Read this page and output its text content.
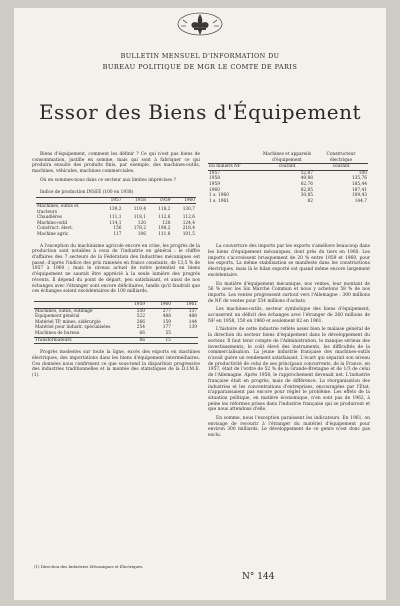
BULLETIN MENSUEL D'INFORMATION DU
BUREAU POLITIQUE DE MGR LE COMTE DE PARIS
Essor des Biens d'Équipement

Biens d'équipement, comment les définir ? Ce qui n'est pas biens de consommation, justifie en somme, mais qui sont à fabriquer ce qui produira ensuite des produits finis, par exemple, des machines-outils, machines, véhicules, machines commerciales.

Où en sommes-nous dans ce secteur aux limites imprécises ?

Indice de production INSEE (100 en 1938)
	1957	1958	1959	1960
Machines, outils et tracteurs	139,2	119,4	118,2	130,7
Chaudières	111,1	118,1	112,6	112,6
Machine-outil	114,1	120	128	124,4
Construct. élect.	156	178,2	198,2	218,4
Machine agric.	117	106	111,8	101,5

A l'exception du machinisme agricole encore en crise, les progrès de la production sont notables à ceux de l'industrie en général : le chiffre d'affaires des 7 secteurs de la Fédération des Industries mécaniques est passé, d'après l'indice des prix ramenés en francs constants, de 13,5 % de 1957 à 1960 ; mais le niveau actuel de notre potentiel en biens d'équipement ne saurait être apprécié à la seule lumière des progrès récents. Il dépend du point de départ, peu satisfaisant, et aussi de nos échanges avec l'étranger sont encore déficitaires, tandis qu'il faudrait que ces échanges soient excédentaires de 100 milliards.

	1959	1960	1961
Machines, outils, outillage	550	277	137
Équipement général	522	488	488
Matériel TP, mines, sidérurgie	266	159	144
Matériel pour industr. spécialisées	254	177	139
Machines de bureau	66	55	
Transformateurs	66	15	

Progrès modestes sur toute la ligne, excès des exports en machines électriques, des importations dans les biens d'équipement intermédiaires. Ces données nous confirment ce que sous-tend la disparition progressive des industries traditionnelles et la montée des statistiques de la D.I.M.E. (1).

	Machines et appareils d'équipement	Constructeur électrique
En milliers NF	courant	courant
1957	52,87	100
1958	49,88	135,76
1959	62,76	185,44
1960	82,85	187,41
1 s. 1960	30,85	109,43
1 s. 1961	82	144,7

La couverture des imports par les exports s'améliore beaucoup dans les biens d'équipement mécaniques, dont près du tiers en 1960. Les imports s'accroissent brusquement de 20 % entre 1959 et 1960, pour les exports. La même stabilisation se manifeste dans les constructions électriques, mais là le bilan exporté est quand même encore largement excédentaire.

En matière d'équipement mécanique, nos ventes, leur montant de 56 % avec les Six Marché Commun et nous y achetons 58 % de nos imports. Les ventes progressent surtout vers l'Allemagne : 300 millions de NF de ventes pour 554 millions d'achats.

Les machines-outils, secteur symbolique des biens d'équipement, accuseront un déficit des échanges avec l'étranger de 260 millions de NF en 1958, 150 en 1960 et seulement 82 en 1961.

L'histoire de cette industrie reflète assez bien le malaise général de la direction du secteur biens d'équipement dans le développement du secteur. Il faut tenir compte de l'Administration, le manque sérieux des investissements, le coût élevé des instruments, les difficultés de la commercialisation. La jeune industrie française des machines-outils n'avait guère un rendement satisfaisant. L'écart qui séparait son niveau de productivité de celui de ses principaux concurrents, de la France, en 1957, était de l'ordre de 52 % de la Grande-Bretagne et de 1/3 de celui de l'Allemagne. Après 1958, le rapprochement devenait net. L'industrie française était en progrès, mais de différence. La réorganisation des industries et les concentrations d'entreprises, encouragées par l'État, n'apparaissaient pas encore pour régler le problème. Les effets de la situation politique, en matière économique, n'en sont pas de 1962, à peine les réformes prises dans l'industrie française qui se produiront et que nous attendons d'elle.

En somme, nous l'exception paraissent les indicateurs. En 1961, on envisage de recourir à l'étranger du matériel d'équipement pour environ 300 milliards. Le développement de ce genre n'est donc pas exclu.

(1) Direction des Industries Mécaniques et Électriques.
N° 144
